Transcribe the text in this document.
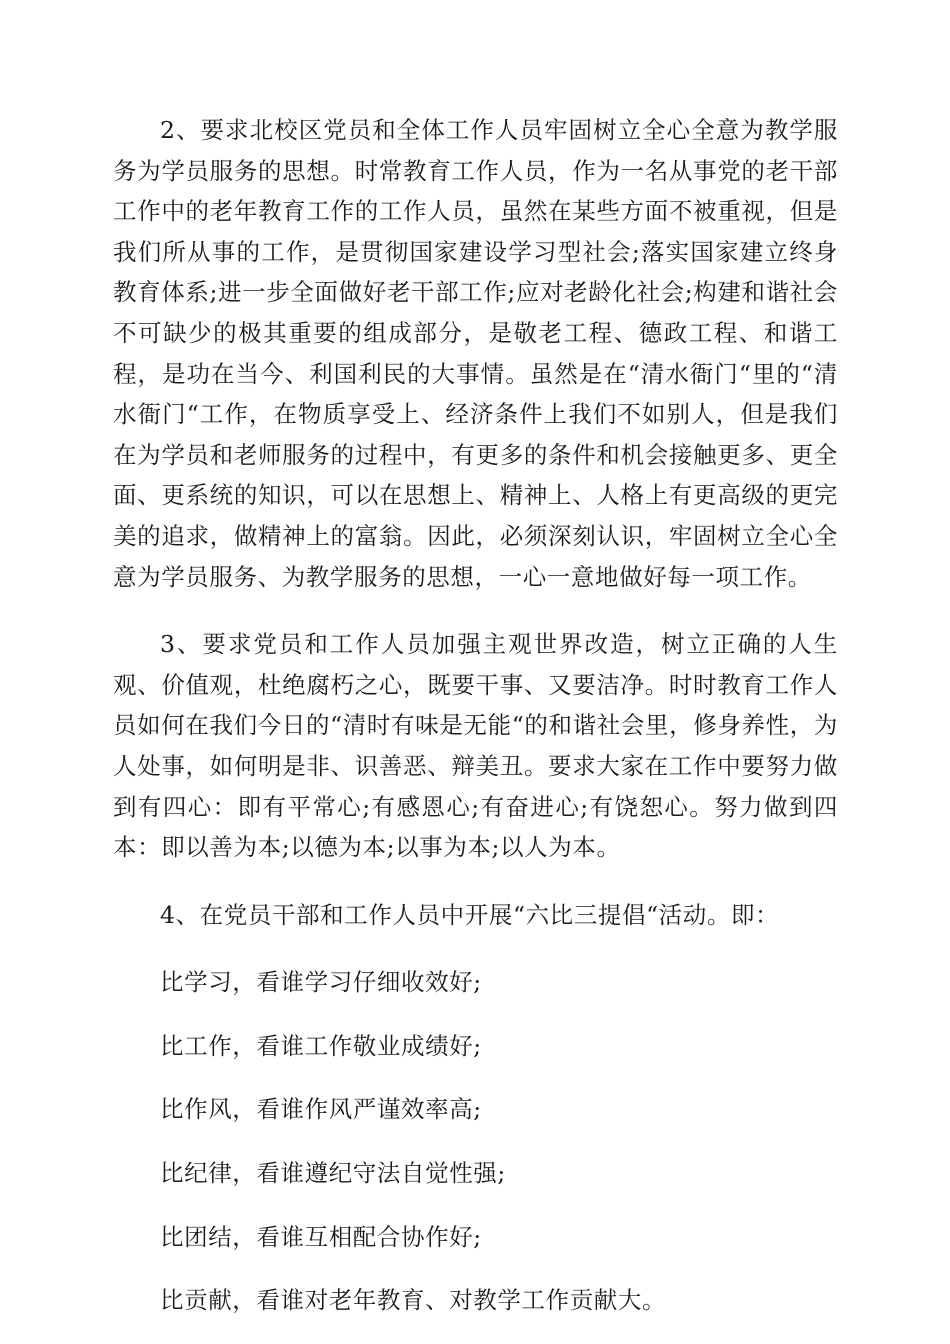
2、要求北校区党员和全体工作人员牢固树立全心全意为教学服务为学员服务的思想。时常教育工作人员，作为一名从事党的老干部工作中的老年教育工作的工作人员，虽然在某些方面不被重视，但是我们所从事的工作，是贯彻国家建设学习型社会;落实国家建立终身教育体系;进一步全面做好老干部工作;应对老龄化社会;构建和谐社会不可缺少的极其重要的组成部分，是敬老工程、德政工程、和谐工程，是功在当今、利国利民的大事情。虽然是在“清水衙门“里的“清水衙门“工作，在物质享受上、经济条件上我们不如别人，但是我们在为学员和老师服务的过程中，有更多的条件和机会接触更多、更全面、更系统的知识，可以在思想上、精神上、人格上有更高级的更完美的追求，做精神上的富翁。因此，必须深刻认识，牢固树立全心全意为学员服务、为教学服务的思想，一心一意地做好每一项工作。

3、要求党员和工作人员加强主观世界改造，树立正确的人生观、价值观，杜绝腐朽之心，既要干事、又要洁净。时时教育工作人员如何在我们今日的“清时有味是无能“的和谐社会里，修身养性，为人处事，如何明是非、识善恶、辩美丑。要求大家在工作中要努力做到有四心：即有平常心;有感恩心;有奋进心;有饶恕心。努力做到四本：即以善为本;以德为本;以事为本;以人为本。

4、在党员干部和工作人员中开展“六比三提倡“活动。即：

比学习，看谁学习仔细收效好;

比工作，看谁工作敬业成绩好;

比作风，看谁作风严谨效率高;

比纪律，看谁遵纪守法自觉性强;

比团结，看谁互相配合协作好;

比贡献，看谁对老年教育、对教学工作贡献大。
